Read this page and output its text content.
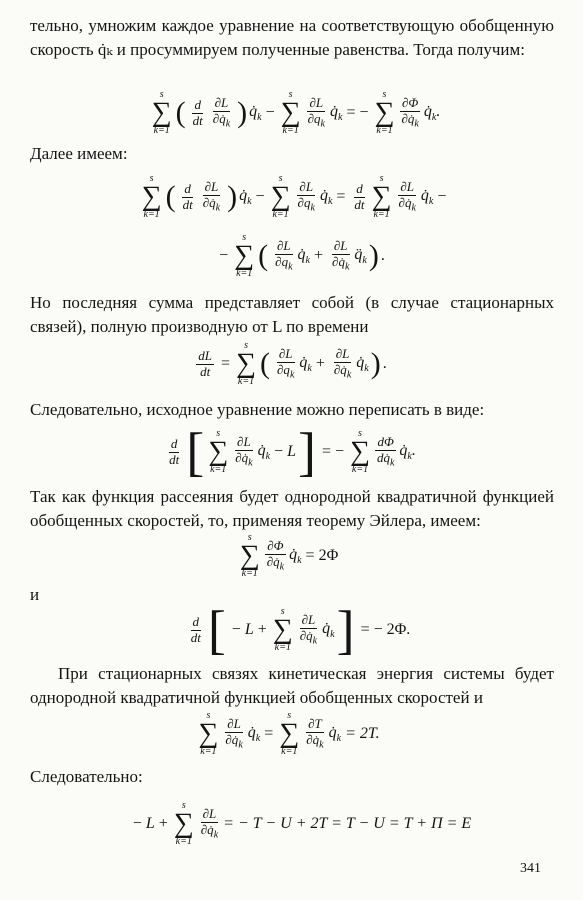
тельно, умножим каждое уравнение на соответствующую обобщенную скорость q̇ₖ и просуммируем полученные равенства. Тогда получим:

s
∑
k=1
( $\frac{d}{dt} \frac{\partial L}{\partial q̇_k}$ ) $q̇_k$ −
s
∑
k=1
$\frac{\partial L}{\partial q_k}$ $q̇_k$ = −
s
∑
k=1
$\frac{\partial\Phi}{\partial q̇_k}$ $q̇_k$.

Далее имеем:

s
∑
k=1
( $\frac{d}{dt} \frac{\partial L}{\partial q̇_k}$ ) $q̇_k$ −
s
∑
k=1
$\frac{\partial L}{\partial q_k}$ $q̇_k = \frac{d}{dt}$
s
∑
k=1
$\frac{\partial L}{\partial q̇_k}$ $q̇_k$ −
−
s
∑
k=1
( $\frac{\partial L}{\partial q_k}$ $q̇_k + \frac{\partial L}{\partial q̇_k}$ $q̈_k$ ) .

Но последняя сумма представляет собой (в случае стационарных связей), полную производную от L по времени

$\frac{dL}{dt}$ =
s
∑
k=1
( $\frac{\partial L}{\partial q_k}$ $q̇_k + \frac{\partial L}{\partial q̇_k}$ $q̇_k$ ) .

Следовательно, исходное уравнение можно переписать в виде:

$\frac{d}{dt}$ [ s
∑
k=1
$\frac{\partial L}{\partial q̇_k}$ $q̇_k - L$ ] = −
s
∑
k=1
$\frac{d\Phi}{dq̇_k}$ $q̇_k$.

Так как функция рассеяния будет однородной квадратичной функцией обобщенных скоростей, то, применяя теорему Эйлера, имеем:

s
∑
k=1
$\frac{\partial\Phi}{\partial q̇_k}$ $q̇_k = 2\Phi$

и

$\frac{d}{dt}$ [ − L +
s
∑
k=1
$\frac{\partial L}{\partial q̇_k}$ $q̇_k$ ] = − 2Φ.

При стационарных связях кинетическая энергия системы будет однородной квадратичной функцией обобщенных скоростей и

s
∑
k=1
$\frac{\partial L}{\partial q̇_k}$ $q̇_k$ =
s
∑
k=1
$\frac{\partial T}{\partial q̇_k}$ $q̇_k = 2T$.

Следовательно:

− L +
s
∑
k=1
$\frac{\partial L}{\partial q̇_k}$ = − T − U + 2T = T − U = T + Π = E
341
